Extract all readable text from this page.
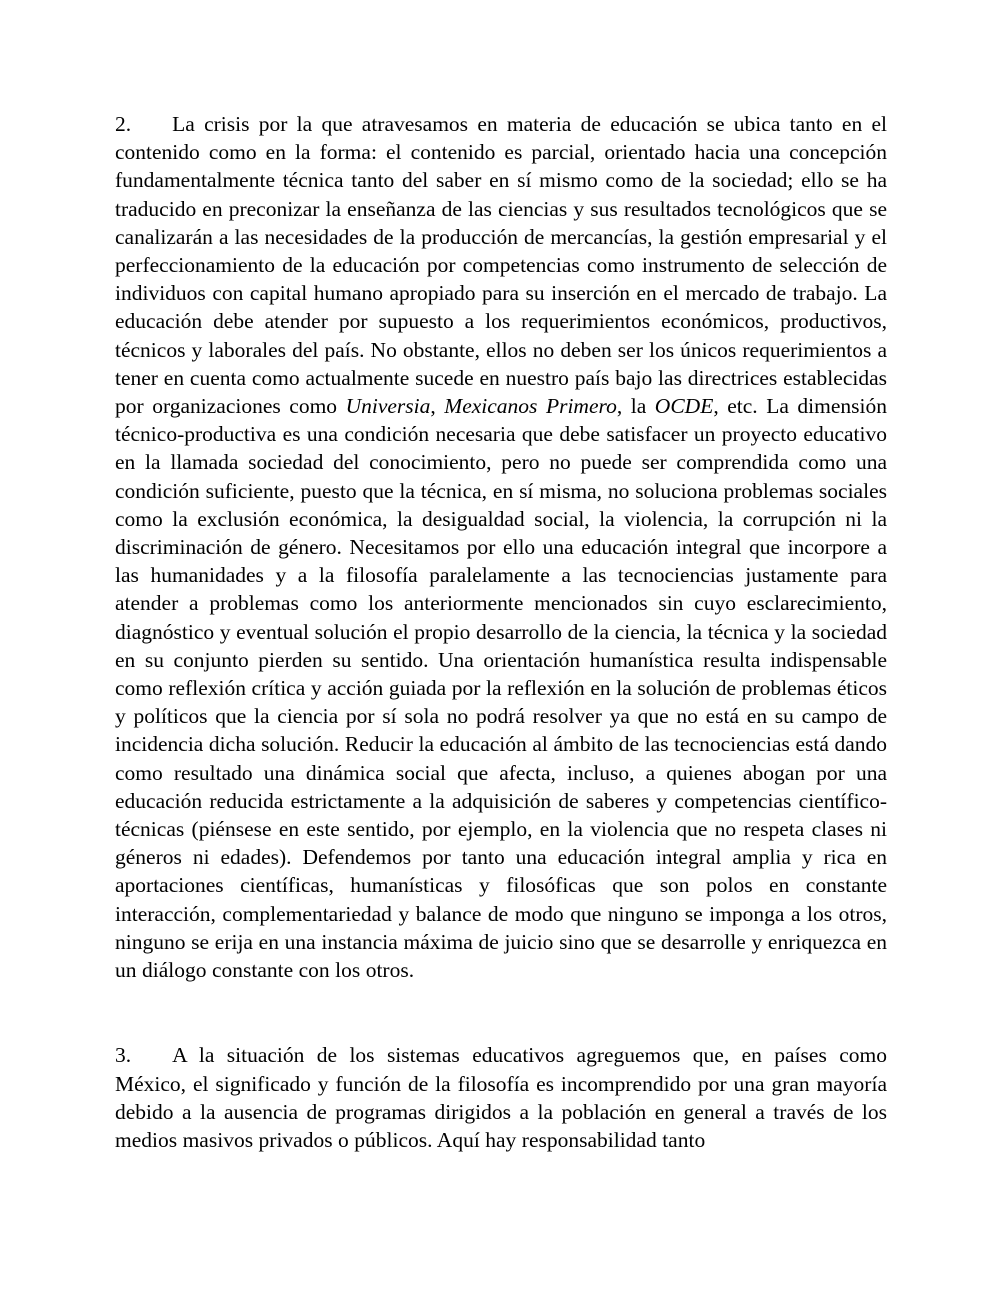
2. La crisis por la que atravesamos en materia de educación se ubica tanto en el contenido como en la forma: el contenido es parcial, orientado hacia una concepción fundamentalmente técnica tanto del saber en sí mismo como de la sociedad; ello se ha traducido en preconizar la enseñanza de las ciencias y sus resultados tecnológicos que se canalizarán a las necesidades de la producción de mercancías, la gestión empresarial y el perfeccionamiento de la educación por competencias como instrumento de selección de individuos con capital humano apropiado para su inserción en el mercado de trabajo. La educación debe atender por supuesto a los requerimientos económicos, productivos, técnicos y laborales del país. No obstante, ellos no deben ser los únicos requerimientos a tener en cuenta como actualmente sucede en nuestro país bajo las directrices establecidas por organizaciones como Universia, Mexicanos Primero, la OCDE, etc. La dimensión técnico-productiva es una condición necesaria que debe satisfacer un proyecto educativo en la llamada sociedad del conocimiento, pero no puede ser comprendida como una condición suficiente, puesto que la técnica, en sí misma, no soluciona problemas sociales como la exclusión económica, la desigualdad social, la violencia, la corrupción ni la discriminación de género. Necesitamos por ello una educación integral que incorpore a las humanidades y a la filosofía paralelamente a las tecnociencias justamente para atender a problemas como los anteriormente mencionados sin cuyo esclarecimiento, diagnóstico y eventual solución el propio desarrollo de la ciencia, la técnica y la sociedad en su conjunto pierden su sentido. Una orientación humanística resulta indispensable como reflexión crítica y acción guiada por la reflexión en la solución de problemas éticos y políticos que la ciencia por sí sola no podrá resolver ya que no está en su campo de incidencia dicha solución. Reducir la educación al ámbito de las tecnociencias está dando como resultado una dinámica social que afecta, incluso, a quienes abogan por una educación reducida estrictamente a la adquisición de saberes y competencias científico-técnicas (piénsese en este sentido, por ejemplo, en la violencia que no respeta clases ni géneros ni edades). Defendemos por tanto una educación integral amplia y rica en aportaciones científicas, humanísticas y filosóficas que son polos en constante interacción, complementariedad y balance de modo que ninguno se imponga a los otros, ninguno se erija en una instancia máxima de juicio sino que se desarrolle y enriquezca en un diálogo constante con los otros.

3. A la situación de los sistemas educativos agreguemos que, en países como México, el significado y función de la filosofía es incomprendido por una gran mayoría debido a la ausencia de programas dirigidos a la población en general a través de los medios masivos privados o públicos. Aquí hay responsabilidad tanto
